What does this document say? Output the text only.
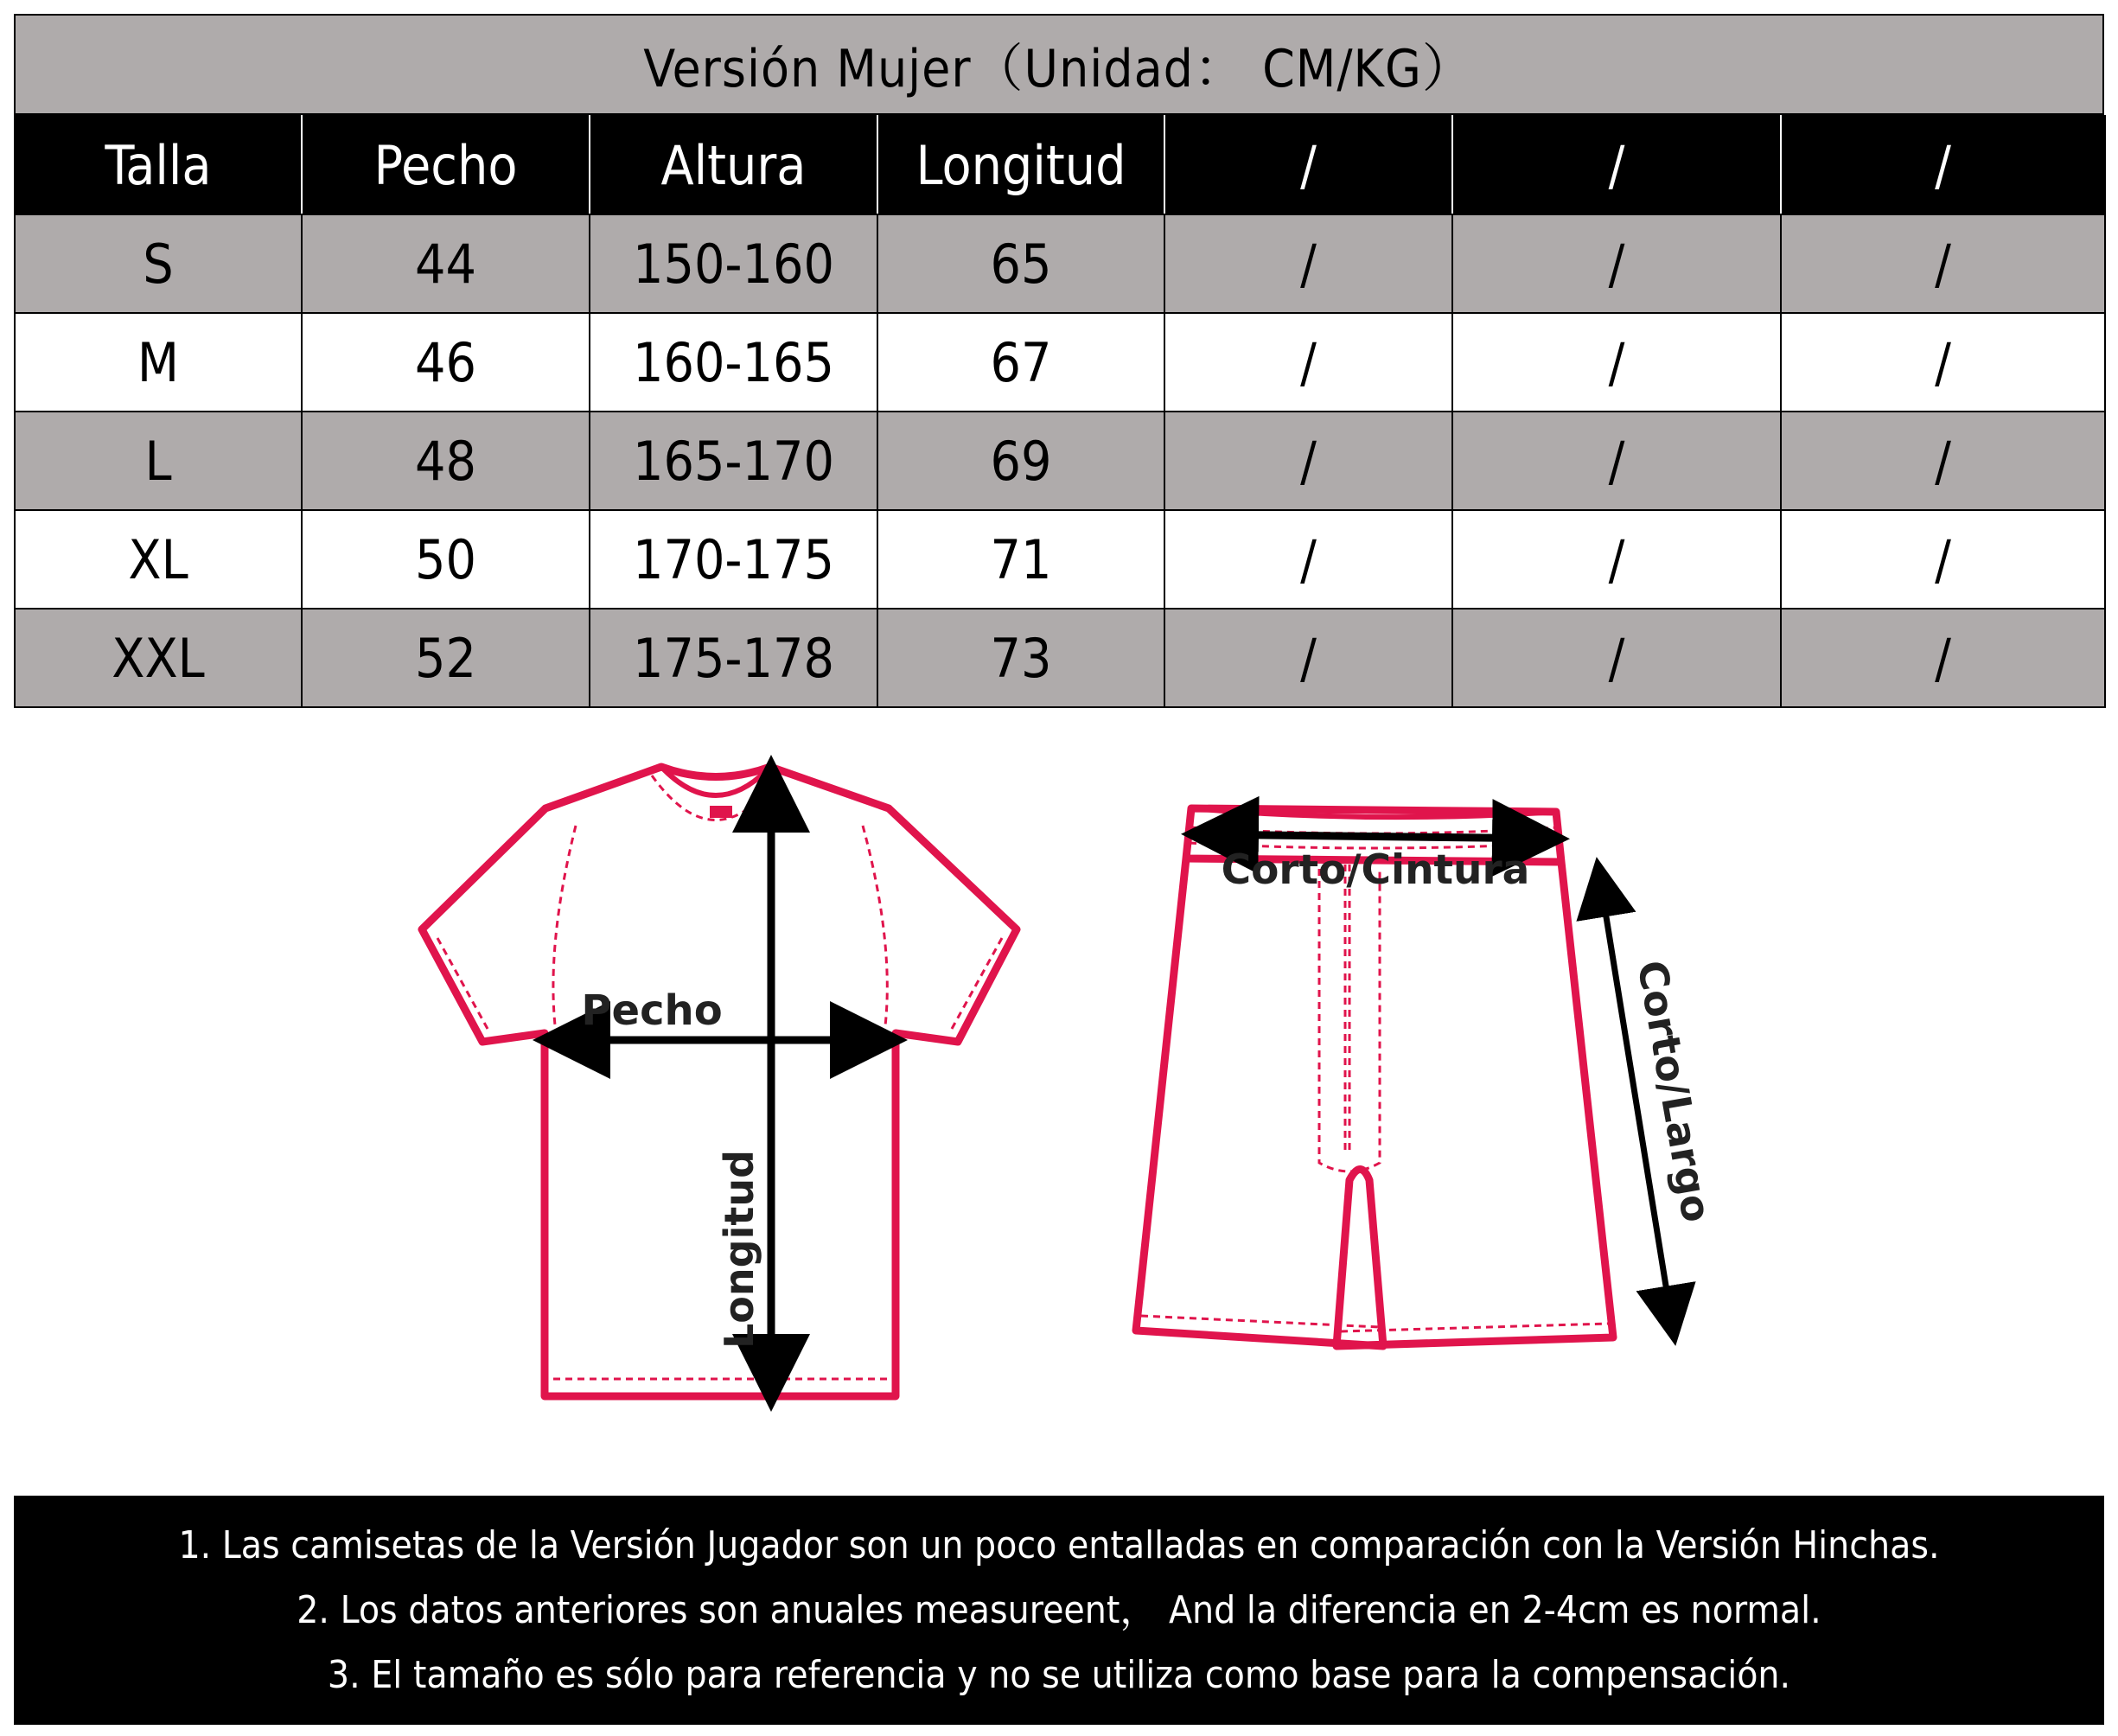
Versión Mujer（Unidad： CM/KG）
Talla	Pecho	Altura	Longitud	/	/	/
S	44	150-160	65	/	/	/
M	46	160-165	67	/	/	/
L	48	165-170	69	/	/	/
XL	50	170-175	71	/	/	/
XXL	52	175-178	73	/	/	/
Pecho
Longitud
Corto/Cintura
Corto/Largo
1. Las camisetas de la Versión Jugador son un poco entalladas en comparación con la Versión Hinchas.
2. Los datos anteriores son anuales measureent， And la diferencia en 2-4cm es normal.
3. El tamaño es sólo para referencia y no se utiliza como base para la compensación.
